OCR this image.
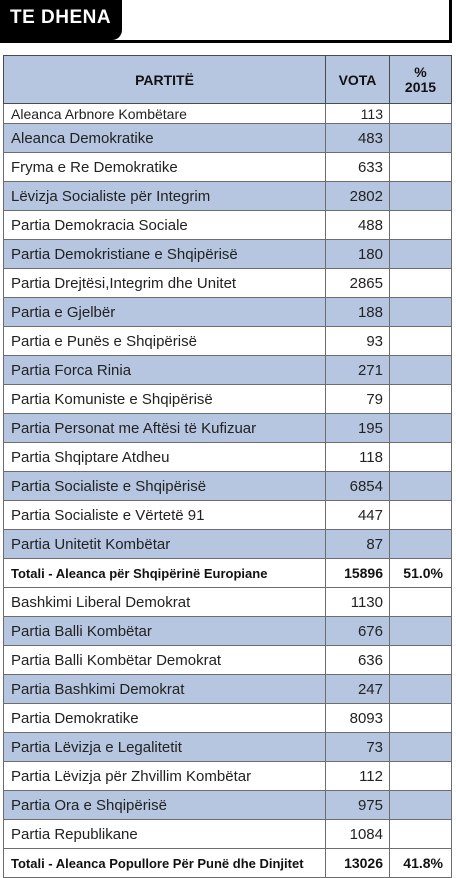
TE DHENA
PARTITË	VOTA	%
2015

Aleanca Arbnore Kombëtare	113	
Aleanca Demokratike	483	
Fryma e Re Demokratike	633	
Lëvizja Socialiste për Integrim	2802	
Partia Demokracia Sociale	488	
Partia Demokristiane e Shqipërisë	180	
Partia Drejtësi,Integrim dhe Unitet	2865	
Partia e Gjelbër	188	
Partia e Punës e Shqipërisë	93	
Partia Forca Rinia	271	
Partia Komuniste e Shqipërisë	79	
Partia Personat me Aftësi të Kufizuar	195	
Partia Shqiptare Atdheu	118	
Partia Socialiste e Shqipërisë	6854	
Partia Socialiste e Vërtetë 91	447	
Partia Unitetit Kombëtar	87	
Totali - Aleanca për Shqipërinë Europiane	15896	51.0%
Bashkimi Liberal Demokrat	1130	
Partia Balli Kombëtar	676	
Partia Balli Kombëtar Demokrat	636	
Partia Bashkimi Demokrat	247	
Partia Demokratike	8093	
Partia Lëvizja e Legalitetit	73	
Partia Lëvizja për Zhvillim Kombëtar	112	
Partia Ora e Shqipërisë	975	
Partia Republikane	1084	
Totali - Aleanca Popullore Për Punë dhe Dinjitet	13026	41.8%
